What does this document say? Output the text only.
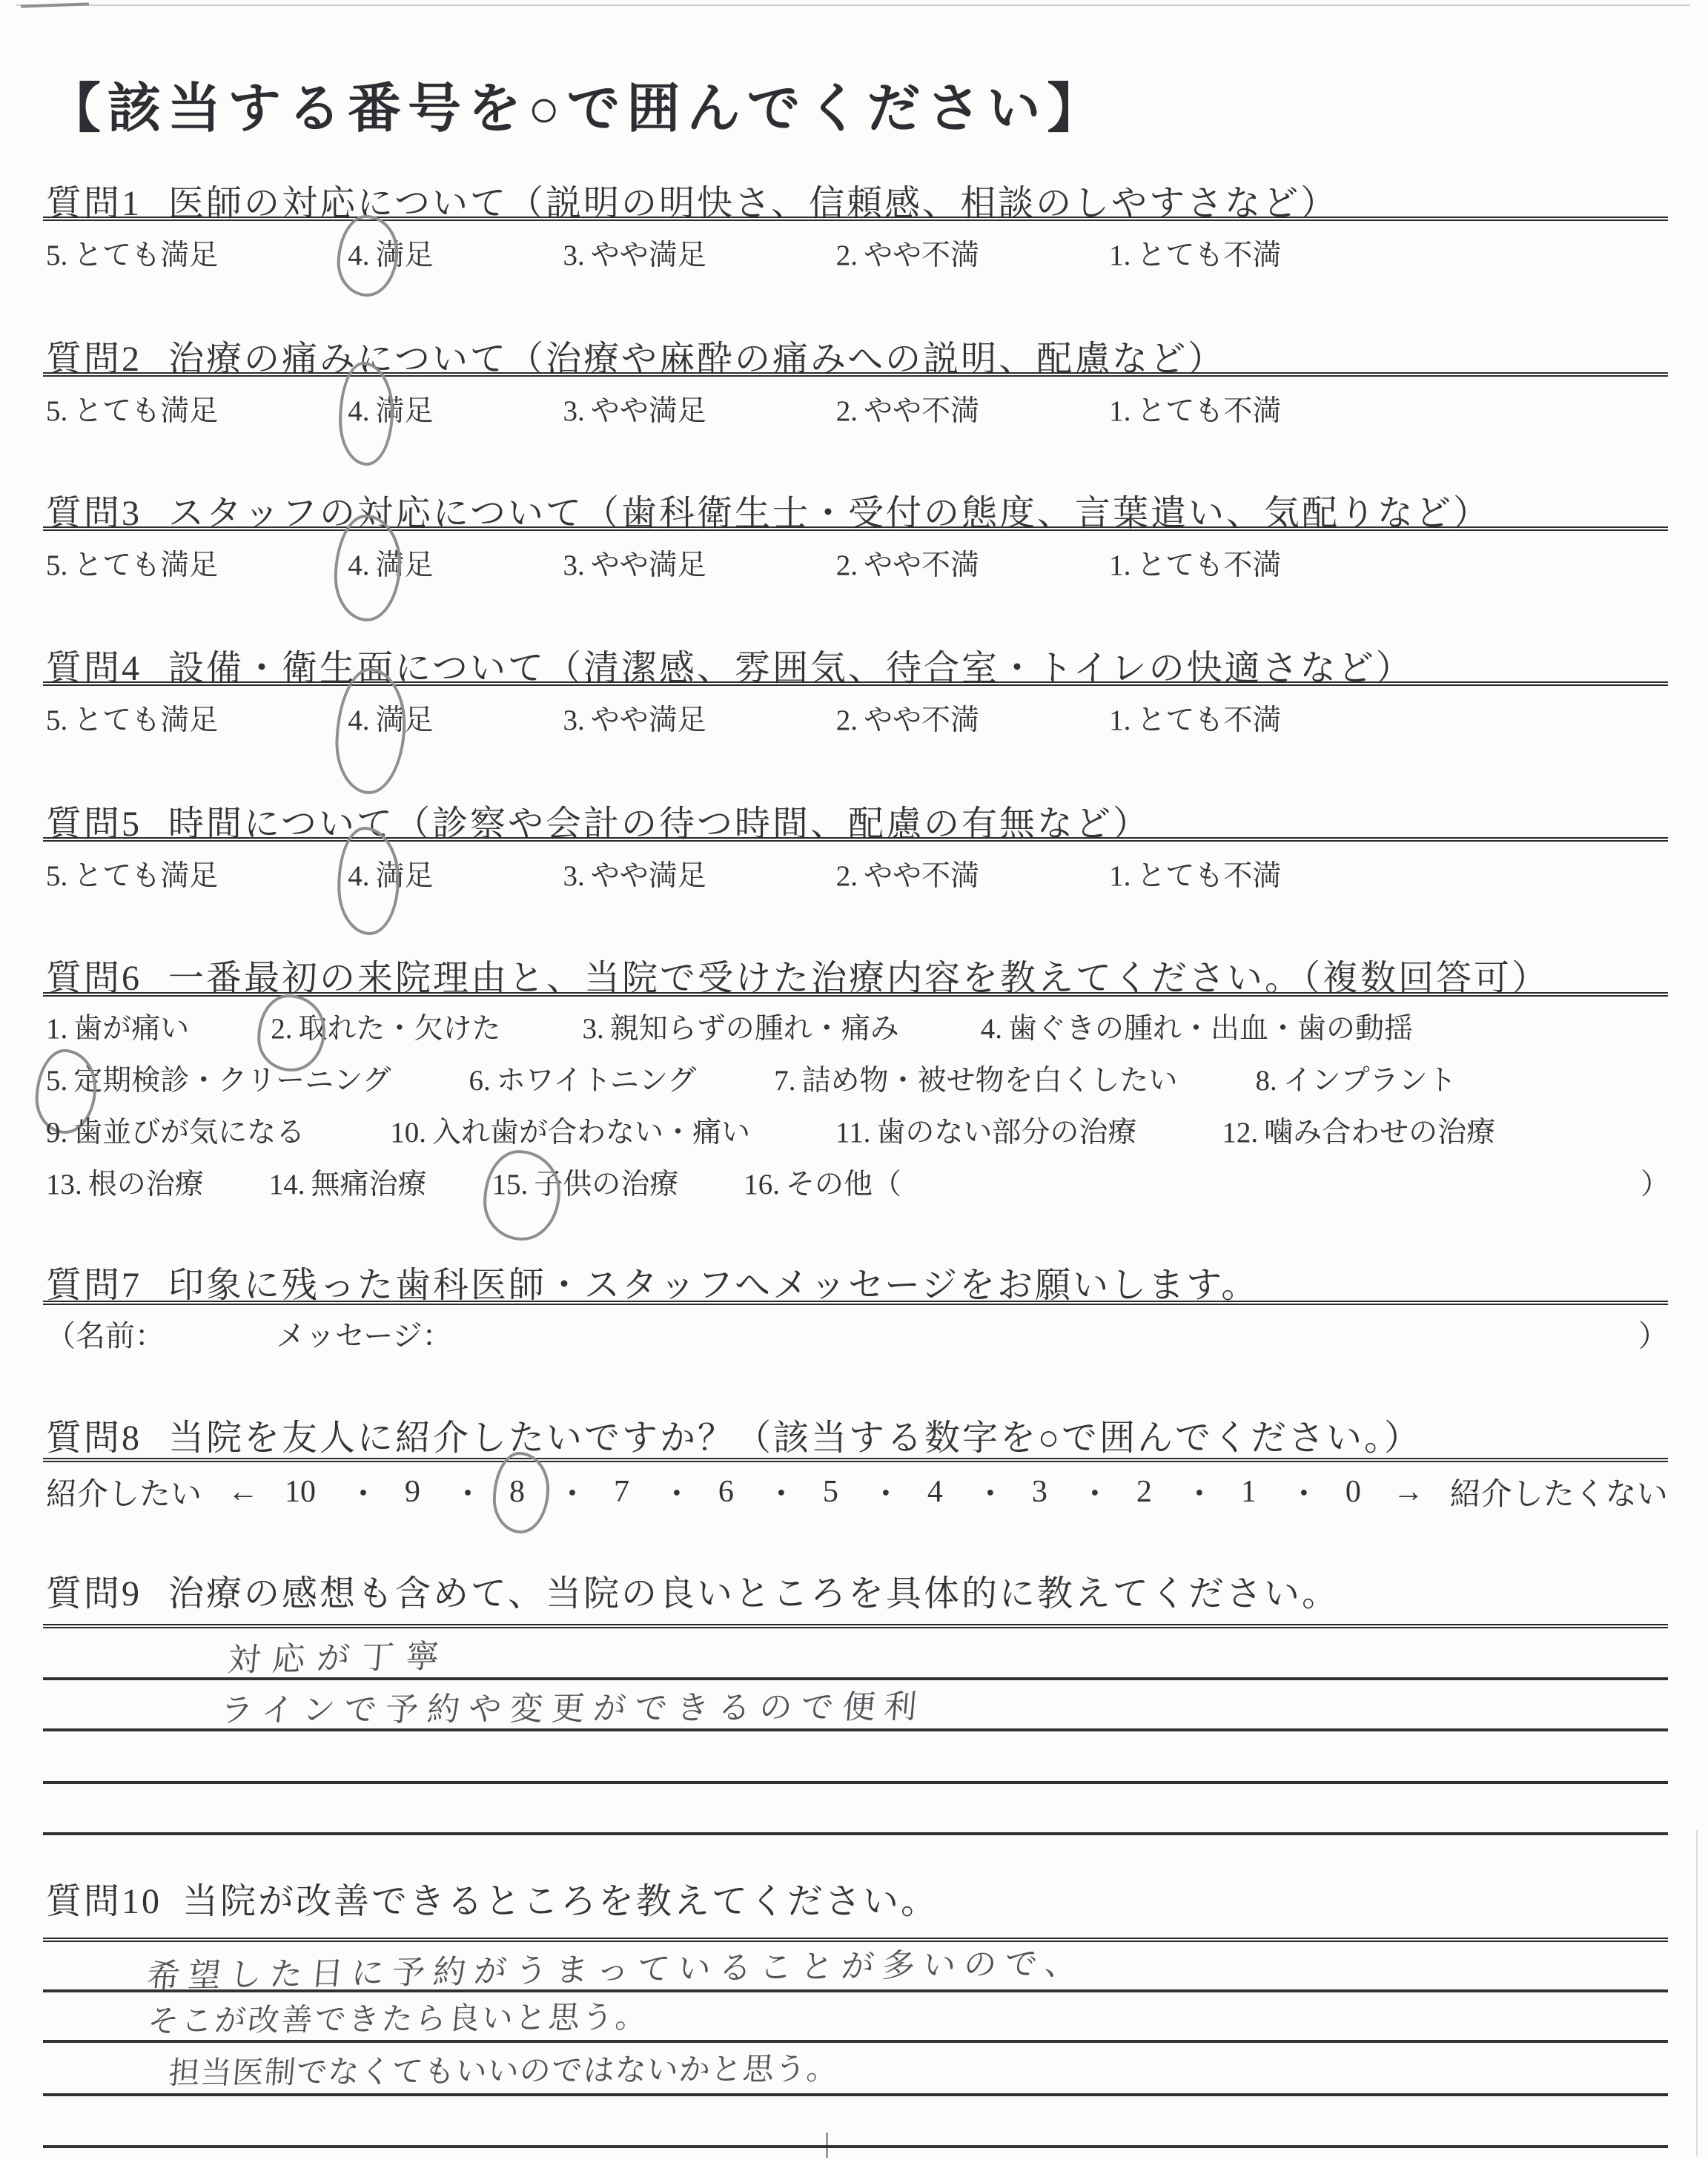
【該当する番号を○で囲んでください】
質問1 医師の対応について（説明の明快さ、信頼感、相談のしやすさなど）
5. とても満足	4. 満足	3. やや満足	2. やや不満	1. とても不満
質問2 治療の痛みについて（治療や麻酔の痛みへの説明、配慮など）
5. とても満足	4. 満足	3. やや満足	2. やや不満	1. とても不満
質問3 スタッフの対応について（歯科衛生士・受付の態度、言葉遣い、気配りなど）
5. とても満足	4. 満足	3. やや満足	2. やや不満	1. とても不満
質問4 設備・衛生面について（清潔感、雰囲気、待合室・トイレの快適さなど）
5. とても満足	4. 満足	3. やや満足	2. やや不満	1. とても不満
質問5 時間について（診察や会計の待つ時間、配慮の有無など）
5. とても満足	4. 満足	3. やや満足	2. やや不満	1. とても不満
質問6 一番最初の来院理由と、当院で受けた治療内容を教えてください。（複数回答可）
1. 歯が痛い	2. 取れた・欠けた	3. 親知らずの腫れ・痛み	4. 歯ぐきの腫れ・出血・歯の動揺
5. 定期検診・クリーニング	6. ホワイトニング	7. 詰め物・被せ物を白くしたい	8. インプラント
9. 歯並びが気になる	10. 入れ歯が合わない・痛い	11. 歯のない部分の治療	12. 噛み合わせの治療
13. 根の治療 14. 無痛治療 15. 子供の治療 16. その他（	）
質問7 印象に残った歯科医師・スタッフへメッセージをお願いします。
（名前：	メッセージ：	）
質問8 当院を友人に紹介したいですか？（該当する数字を○で囲んでください。）
紹介したい ← 10 ・ 9 ・ 8 ・ 7 ・ 6 ・ 5 ・ 4 ・ 3 ・ 2 ・ 1 ・ 0 → 紹介したくない
質問9 治療の感想も含めて、当院の良いところを具体的に教えてください。
対応が丁寧
ラインで予約や変更ができるので便利
質問10 当院が改善できるところを教えてください。
希望した日に予約がうまっていることが多いので、
そこが改善できたら良いと思う。
担当医制でなくてもいいのではないかと思う。
